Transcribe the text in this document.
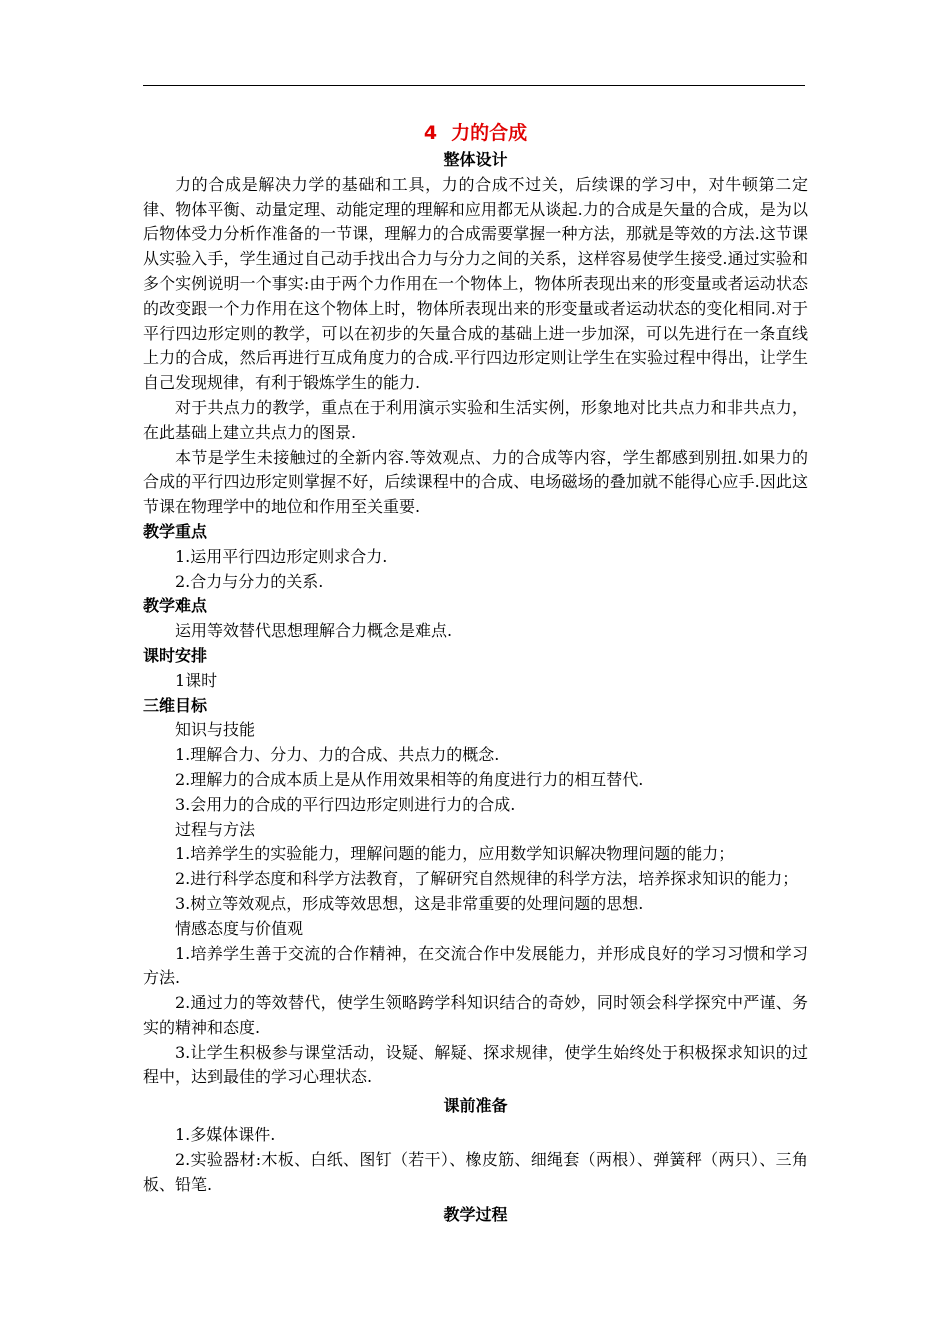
4 力的合成

整体设计

力的合成是解决力学的基础和工具，力的合成不过关，后续课的学习中，对牛顿第二定律、物体平衡、动量定理、动能定理的理解和应用都无从谈起.力的合成是矢量的合成，是为以后物体受力分析作准备的一节课，理解力的合成需要掌握一种方法，那就是等效的方法.这节课从实验入手，学生通过自己动手找出合力与分力之间的关系，这样容易使学生接受.通过实验和多个实例说明一个事实:由于两个力作用在一个物体上，物体所表现出来的形变量或者运动状态的改变跟一个力作用在这个物体上时，物体所表现出来的形变量或者运动状态的变化相同.对于平行四边形定则的教学，可以在初步的矢量合成的基础上进一步加深，可以先进行在一条直线上力的合成，然后再进行互成角度力的合成.平行四边形定则让学生在实验过程中得出，让学生自己发现规律，有利于锻炼学生的能力.

对于共点力的教学，重点在于利用演示实验和生活实例，形象地对比共点力和非共点力，在此基础上建立共点力的图景.

本节是学生未接触过的全新内容.等效观点、力的合成等内容，学生都感到别扭.如果力的合成的平行四边形定则掌握不好，后续课程中的合成、电场磁场的叠加就不能得心应手.因此这节课在物理学中的地位和作用至关重要.

教学重点

1.运用平行四边形定则求合力.

2.合力与分力的关系.

教学难点

运用等效替代思想理解合力概念是难点.

课时安排

1课时

三维目标

知识与技能

1.理解合力、分力、力的合成、共点力的概念.

2.理解力的合成本质上是从作用效果相等的角度进行力的相互替代.

3.会用力的合成的平行四边形定则进行力的合成.

过程与方法

1.培养学生的实验能力，理解问题的能力，应用数学知识解决物理问题的能力；

2.进行科学态度和科学方法教育，了解研究自然规律的科学方法，培养探求知识的能力；

3.树立等效观点，形成等效思想，这是非常重要的处理问题的思想.

情感态度与价值观

1.培养学生善于交流的合作精神，在交流合作中发展能力，并形成良好的学习习惯和学习方法.

2.通过力的等效替代，使学生领略跨学科知识结合的奇妙，同时领会科学探究中严谨、务实的精神和态度.

3.让学生积极参与课堂活动，设疑、解疑、探求规律，使学生始终处于积极探求知识的过程中，达到最佳的学习心理状态.

课前准备

1.多媒体课件.

2.实验器材:木板、白纸、图钉（若干）、橡皮筋、细绳套（两根）、弹簧秤（两只）、三角板、铅笔.

教学过程
